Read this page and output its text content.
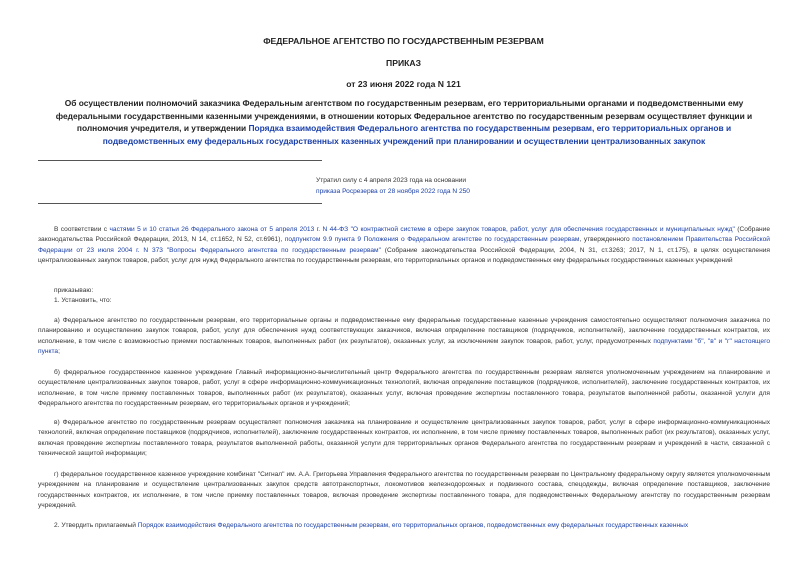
ФЕДЕРАЛЬНОЕ АГЕНТСТВО ПО ГОСУДАРСТВЕННЫМ РЕЗЕРВАМ
ПРИКАЗ
от 23 июня 2022 года N 121
Об осуществлении полномочий заказчика Федеральным агентством по государственным резервам, его территориальными органами и подведомственными ему федеральными государственными казенными учреждениями, в отношении которых Федеральное агентство по государственным резервам осуществляет функции и полномочия учредителя, и утверждении Порядка взаимодействия Федерального агентства по государственным резервам, его территориальных органов и подведомственных ему федеральных государственных казенных учреждений при планировании и осуществлении централизованных закупок
Утратил силу с 4 апреля 2023 года на основании
приказа Росрезерва от 28 ноября 2022 года N 250
В соответствии с частями 5 и 10 статьи 26 Федерального закона от 5 апреля 2013 г. N 44-ФЗ "О контрактной системе в сфере закупок товаров, работ, услуг для обеспечения государственных и муниципальных нужд" (Собрание законодательства Российской Федерации, 2013, N 14, ст.1652, N 52, ст.6961), подпунктом 9.9 пункта 9 Положения о Федеральном агентстве по государственным резервам, утвержденного постановлением Правительства Российской Федерации от 23 июля 2004 г. N 373 "Вопросы Федерального агентства по государственным резервам" (Собрание законодательства Российской Федерации, 2004, N 31, ст.3263; 2017, N 1, ст.175), в целях осуществления централизованных закупок товаров, работ, услуг для нужд Федерального агентства по государственным резервам, его территориальных органов и подведомственных ему федеральных государственных казенных учреждений
приказываю:
1. Установить, что:
а) Федеральное агентство по государственным резервам, его территориальные органы и подведомственные ему федеральные государственные казенные учреждения самостоятельно осуществляют полномочия заказчика по планированию и осуществлению закупок товаров, работ, услуг для обеспечения нужд соответствующих заказчиков, включая определение поставщиков (подрядчиков, исполнителей), заключение государственных контрактов, их исполнение, в том числе с возможностью приемки поставленных товаров, выполненных работ (их результатов), оказанных услуг, за исключением закупок товаров, работ, услуг, предусмотренных подпунктами "б", "в" и "г" настоящего пункта;
б) федеральное государственное казенное учреждение Главный информационно-вычислительный центр Федерального агентства по государственным резервам является уполномоченным учреждением на планирование и осуществление централизованных закупок товаров, работ, услуг в сфере информационно-коммуникационных технологий, включая определение поставщиков (подрядчиков, исполнителей), заключение государственных контрактов, их исполнение, в том числе приемку поставленных товаров, выполненных работ (их результатов), оказанных услуг, включая проведение экспертизы поставленного товара, результатов выполненной работы, оказанной услуги для Федерального агентства по государственным резервам, его территориальных органов и учреждений;
в) Федеральное агентство по государственным резервам осуществляет полномочия заказчика на планирование и осуществление централизованных закупок товаров, работ, услуг в сфере информационно-коммуникационных технологий, включая определение поставщиков (подрядчиков, исполнителей), заключение государственных контрактов, их исполнение, в том числе приемку поставленных товаров, выполненных работ (их результатов), оказанных услуг, включая проведение экспертизы поставленного товара, результатов выполненной работы, оказанной услуги для территориальных органов Федерального агентства по государственным резервам и учреждений в части, связанной с технической защитой информации;
г) федеральное государственное казенное учреждение комбинат "Сигнал" им. А.А. Григорьева Управления Федерального агентства по государственным резервам по Центральному федеральному округу является уполномоченным учреждением на планирование и осуществление централизованных закупок средств автотранспортных, локомотивов железнодорожных и подвижного состава, спецодежды, включая определение поставщиков, заключение государственных контрактов, их исполнение, в том числе приемку поставленных товаров, включая проведение экспертизы поставленного товара, для подведомственных Федеральному агентству по государственным резервам учреждений.
2. Утвердить прилагаемый Порядок взаимодействия Федерального агентства по государственным резервам, его территориальных органов, подведомственных ему федеральных государственных казенных
